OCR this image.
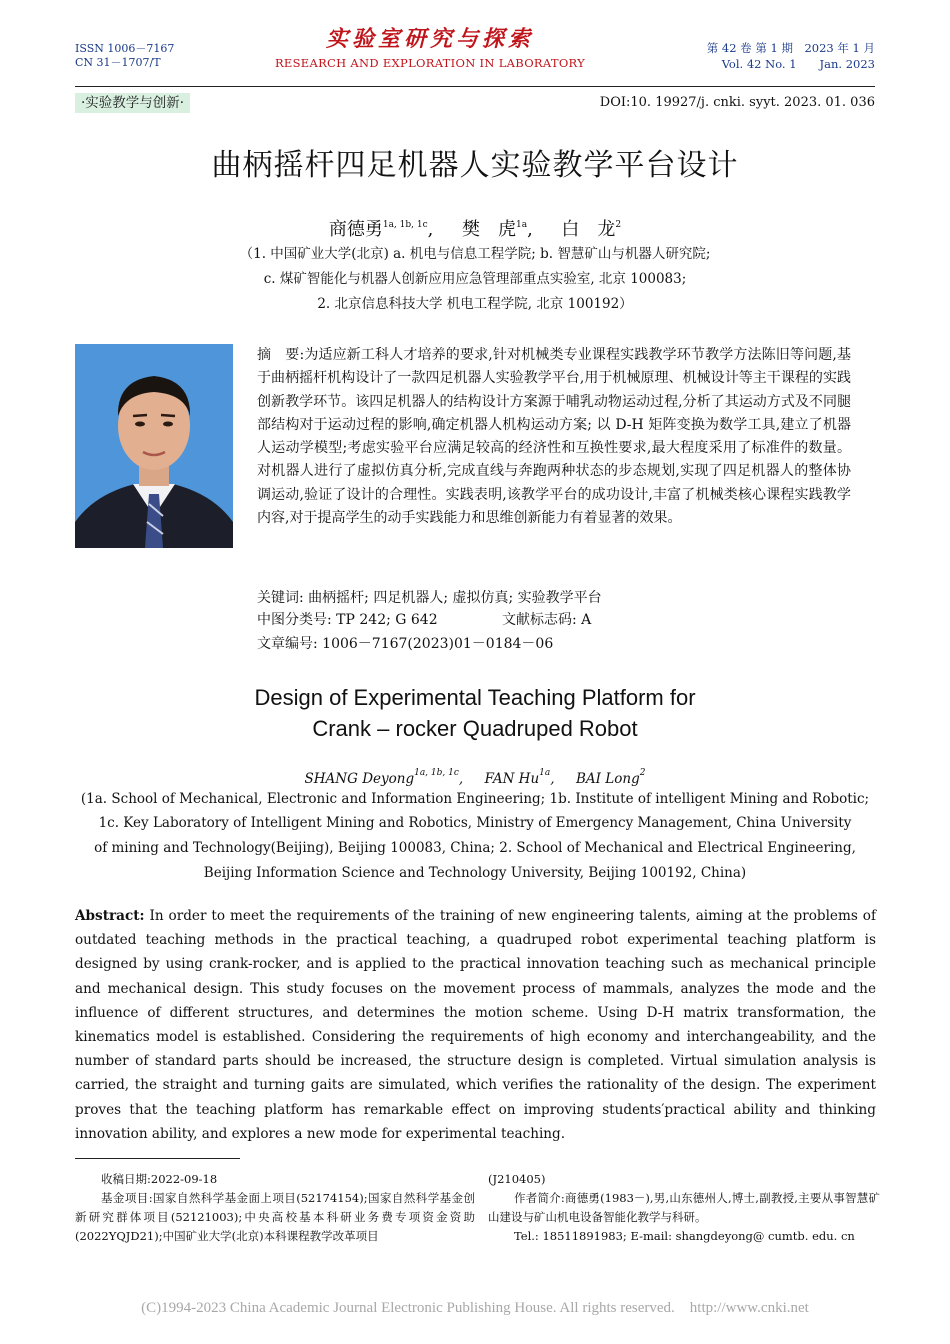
ISSN 1006－7167
CN 31－1707/T
实验室研究与探索
RESEARCH AND EXPLORATION IN LABORATORY
第 42 卷 第 1 期　2023 年 1 月
Vol. 42 No. 1　　Jan. 2023
·实验教学与创新·	DOI:10. 19927/j. cnki. syyt. 2023. 01. 036
曲柄摇杆四足机器人实验教学平台设计
商德勇$^{1a, 1b, 1c}$,     樊　虎$^{1a}$,     白　龙$^2$
（1. 中国矿业大学(北京) a. 机电与信息工程学院; b. 智慧矿山与机器人研究院;
c. 煤矿智能化与机器人创新应用应急管理部重点实验室, 北京 100083;
2. 北京信息科技大学 机电工程学院, 北京 100192）
摘　要:为适应新工科人才培养的要求,针对机械类专业课程实践教学环节教学方法陈旧等问题,基于曲柄摇杆机构设计了一款四足机器人实验教学平台,用于机械原理、机械设计等主干课程的实践创新教学环节。该四足机器人的结构设计方案源于哺乳动物运动过程,分析了其运动方式及不同腿部结构对于运动过程的影响,确定机器人机构运动方案; 以 D-H 矩阵变换为数学工具,建立了机器人运动学模型;考虑实验平台应满足较高的经济性和互换性要求,最大程度采用了标准件的数量。对机器人进行了虚拟仿真分析,完成直线与奔跑两种状态的步态规划,实现了四足机器人的整体协调运动,验证了设计的合理性。实践表明,该教学平台的成功设计,丰富了机械类核心课程实践教学内容,对于提高学生的动手实践能力和思维创新能力有着显著的效果。
关键词: 曲柄摇杆; 四足机器人; 虚拟仿真; 实验教学平台
中图分类号: TP 242; G 642	文献标志码: A
文章编号: 1006－7167(2023)01－0184－06
Design of Experimental Teaching Platform for
Crank – rocker Quadruped Robot
SHANG Deyong$^{1a, 1b, 1c}$,     FAN $Hu^{1a}$,     BAI Long$^2$
(1a. School of Mechanical, Electronic and Information Engineering; 1b. Institute of intelligent Mining and Robotic;
1c. Key Laboratory of Intelligent Mining and Robotics, Ministry of Emergency Management, China University
of mining and Technology(Beijing), Beijing 100083, China; 2. School of Mechanical and Electrical Engineering,
Beijing Information Science and Technology University, Beijing 100192, China)
Abstract: In order to meet the requirements of the training of new engineering talents, aiming at the problems of outdated teaching methods in the practical teaching, a quadruped robot experimental teaching platform is designed by using crank-rocker, and is applied to the practical innovation teaching such as mechanical principle and mechanical design. This study focuses on the movement process of mammals, analyzes the mode and the influence of different structures, and determines the motion scheme. Using D-H matrix transformation, the kinematics model is established. Considering the requirements of high economy and interchangeability, and the number of standard parts should be increased, the structure design is completed. Virtual simulation analysis is carried, the straight and turning gaits are simulated, which verifies the rationality of the design. The experiment proves that the teaching platform has remarkable effect on improving students′practical ability and thinking innovation ability, and explores a new mode for experimental teaching.
收稿日期:2022-09-18
基金项目:国家自然科学基金面上项目(52174154);国家自然科学基金创新研究群体项目(52121003);中央高校基本科研业务费专项资金资助(2022YQJD21);中国矿业大学(北京)本科课程教学改革项目
(J210405)
作者简介:商德勇(1983－),男,山东德州人,博士,副教授,主要从事智慧矿山建设与矿山机电设备智能化教学与科研。
Tel.: 18511891983; E-mail: shangdeyong@ cumtb. edu. cn
(C)1994-2023 China Academic Journal Electronic Publishing House. All rights reserved.　http://www.cnki.net
